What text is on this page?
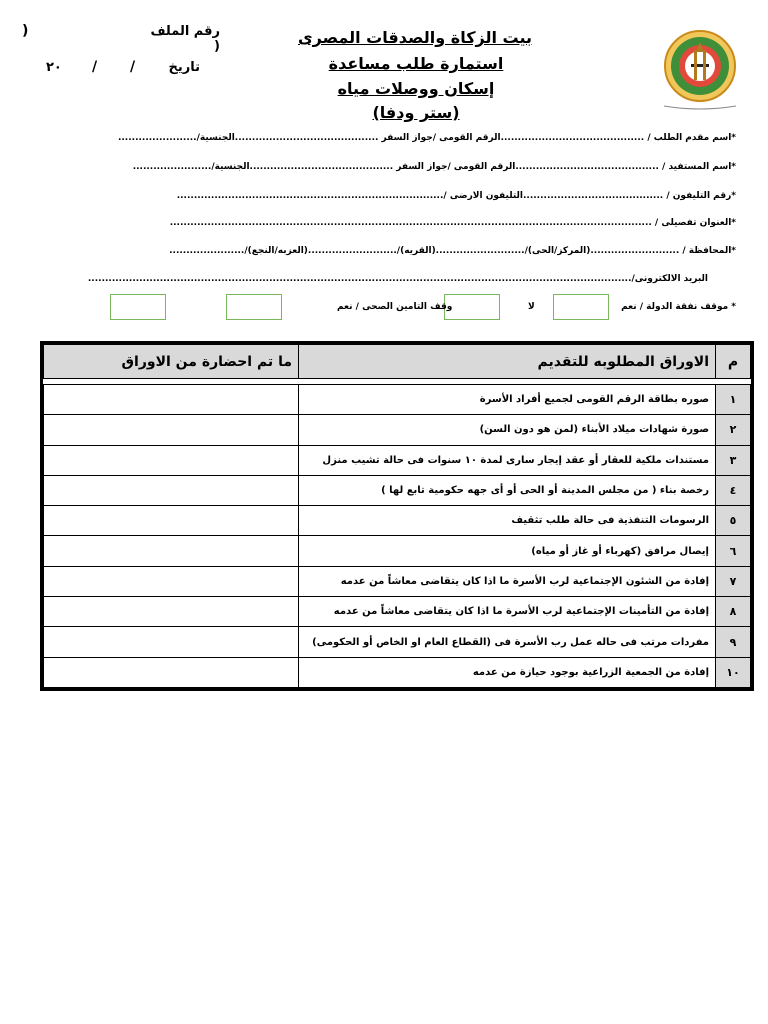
بيت الزكاة والصدقات المصرى
استمارة طلب مساعدة
إسكان ووصلات مياه
(ستر ودفا)
رقم الملف (
)
تاريخ
/
/
٢٠
*اسم مقدم الطلب / ..........................................الرقم القومى /جواز السفر ..........................................الجنسية/.......................
*اسم المستفيد / ..........................................الرقم القومى /جواز السفر ..........................................الجنسية/.......................
*رقم التليفون / .........................................التليفون الارضى /..............................................................................
*العنوان تفصيلى / .............................................................................................................................................
*المحافظة / ..........................(المركز/الحى)/..........................(القريه)/..........................(العزبه/النجع)/......................
البريد الالكترونى/...............................................................................................................................................................
* موقف نفقة الدولة / نعم
لا
وقف التامين الصحى / نعم
م	الاوراق المطلوبه للتقديم	ما تم احضارة من الاوراق

١	صوره بطاقة الرقم القومى لجميع أفراد الأسرة	
٢	صورة شهادات ميلاد الأبناء (لمن هو دون السن)	
٣	مستندات ملكية للعقار أو عقد إيجار سارى لمدة ١٠ سنوات فى حالة تشيب منزل	
٤	رخصة بناء ( من مجلس المدينة أو الحى أو أى جهه حكومية تابع لها )	
٥	الرسومات التنفذية فى حالة طلب تثقيف	
٦	إيصال مرافق (كهرباء أو غاز أو مياه)	
٧	إفادة من الشئون الإجتماعية لرب الأسرة ما اذا كان يتقاضى معاشاً من عدمه	
٨	إفادة من التأمينات الإجتماعية لرب الأسرة ما اذا كان يتقاضى معاشاً من عدمه	
٩	مفردات مرتب فى حاله عمل رب الأسرة فى (القطاع العام او الخاص أو الحكومى)	
١٠	إفادة من الجمعية الزراعية بوجود حيازة من عدمه	
